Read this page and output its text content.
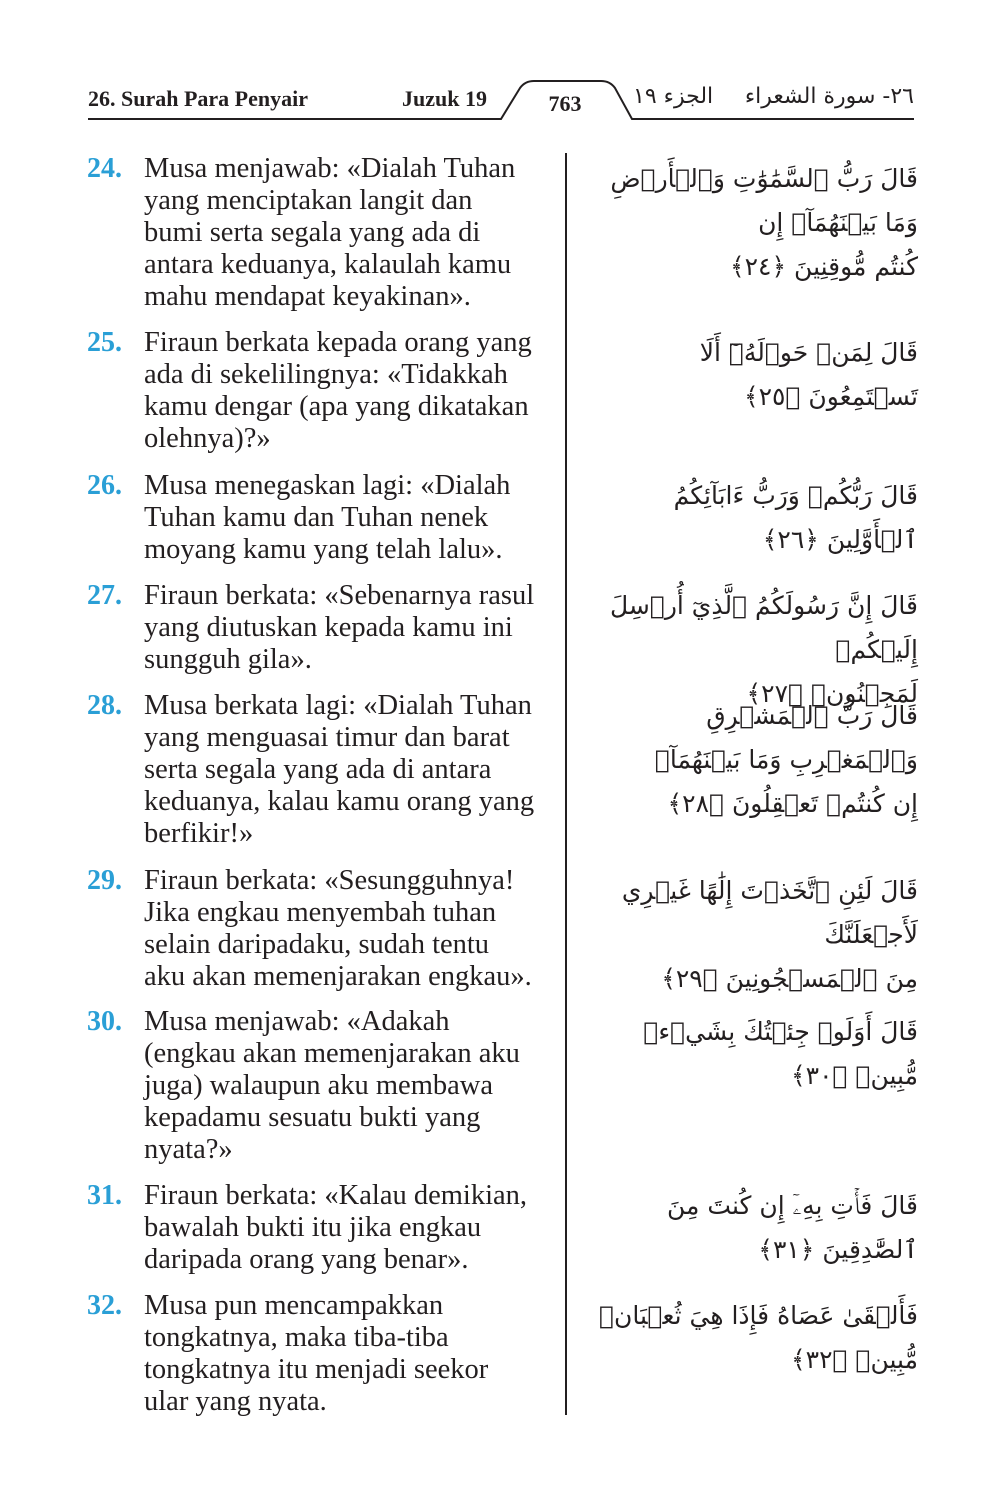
26. Surah Para Penyair	Juzuk 19	763	الجزء ١٩ ٢٦- سورة الشعراء
24. Musa menjawab: «Dialah Tuhan
yang menciptakan langit dan
bumi serta segala yang ada di
antara keduanya, kalaulah kamu
mahu mendapat keyakinan».
قَالَ رَبُّ ٱلسَّمَٰوَٰتِ وَٱلۡأَرۡضِ وَمَا بَيۡنَهُمَآۖ إِن
كُنتُم مُّوقِنِينَ ﴿٢٤﴾
25. Firaun berkata kepada orang yang
ada di sekelilingnya: «Tidakkah
kamu dengar (apa yang dikatakan
olehnya)?»
قَالَ لِمَنۡ حَوۡلَهُۥٓ أَلَا تَسۡتَمِعُونَ ﴿٢٥﴾
26. Musa menegaskan lagi: «Dialah
Tuhan kamu dan Tuhan nenek
moyang kamu yang telah lalu».
قَالَ رَبُّكُمۡ وَرَبُّ ءَابَآئِكُمُ ٱلۡأَوَّلِينَ ﴿٢٦﴾
27. Firaun berkata: «Sebenarnya rasul
yang diutuskan kepada kamu ini
sungguh gila».
قَالَ إِنَّ رَسُولَكُمُ ٱلَّذِيٓ أُرۡسِلَ إِلَيۡكُمۡ
لَمَجۡنُونٞ ﴿٢٧﴾
28. Musa berkata lagi: «Dialah Tuhan
yang menguasai timur dan barat
serta segala yang ada di antara
keduanya, kalau kamu orang yang
berfikir!»
قَالَ رَبُّ ٱلۡمَشۡرِقِ وَٱلۡمَغۡرِبِ وَمَا بَيۡنَهُمَآۖ
إِن كُنتُمۡ تَعۡقِلُونَ ﴿٢٨﴾
29. Firaun berkata: «Sesungguhnya!
Jika engkau menyembah tuhan
selain daripadaku, sudah tentu
aku akan memenjarakan engkau».
قَالَ لَئِنِ ٱتَّخَذۡتَ إِلَٰهًا غَيۡرِي لَأَجۡعَلَنَّكَ
مِنَ ٱلۡمَسۡجُونِينَ ﴿٢٩﴾
30. Musa menjawab: «Adakah
(engkau akan memenjarakan aku
juga) walaupun aku membawa
kepadamu sesuatu bukti yang
nyata?»
قَالَ أَوَلَوۡ جِئۡتُكَ بِشَيۡءٖ مُّبِينٖ ﴿٣٠﴾
31. Firaun berkata: «Kalau demikian,
bawalah bukti itu jika engkau
daripada orang yang benar».
قَالَ فَأۡتِ بِهِۦٓ إِن كُنتَ مِنَ ٱلصَّٰدِقِينَ ﴿٣١﴾
32. Musa pun mencampakkan
tongkatnya, maka tiba-tiba
tongkatnya itu menjadi seekor
ular yang nyata.
فَأَلۡقَىٰ عَصَاهُ فَإِذَا هِيَ ثُعۡبَانٞ مُّبِينٞ ﴿٣٢﴾
